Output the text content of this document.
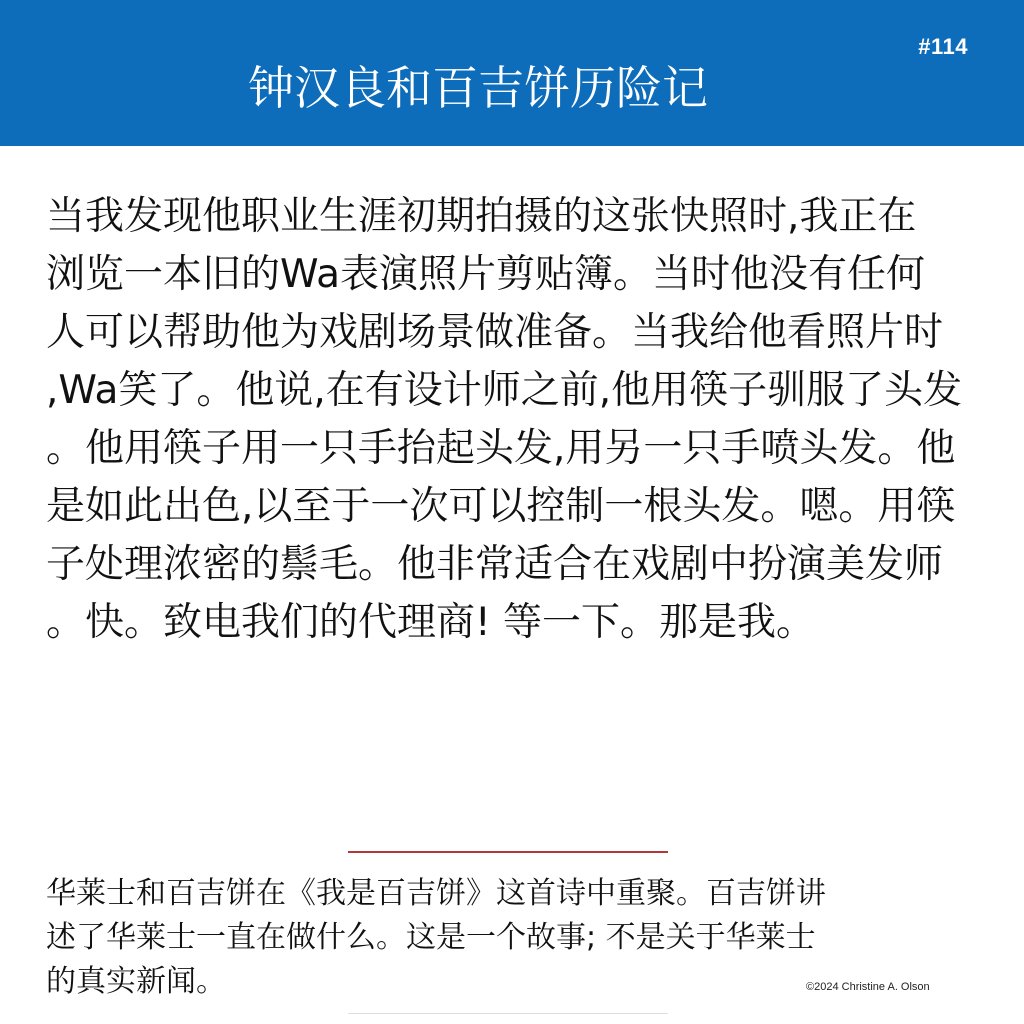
#114
钟汉良和百吉饼历险记
当我发现他职业生涯初期拍摄的这张快照时,我正在
浏览一本旧的Wa表演照片剪贴簿。当时他没有任何
人可以帮助他为戏剧场景做准备。当我给他看照片时
,Wa笑了。他说,在有设计师之前,他用筷子驯服了头发
。他用筷子用一只手抬起头发,用另一只手喷头发。他
是如此出色,以至于一次可以控制一根头发。嗯。用筷
子处理浓密的鬃毛。他非常适合在戏剧中扮演美发师
。快。致电我们的代理商! 等一下。那是我。
华莱士和百吉饼在《我是百吉饼》这首诗中重聚。百吉饼讲
述了华莱士一直在做什么。这是一个故事; 不是关于华莱士
的真实新闻。	©2024 Christine A. Olson
